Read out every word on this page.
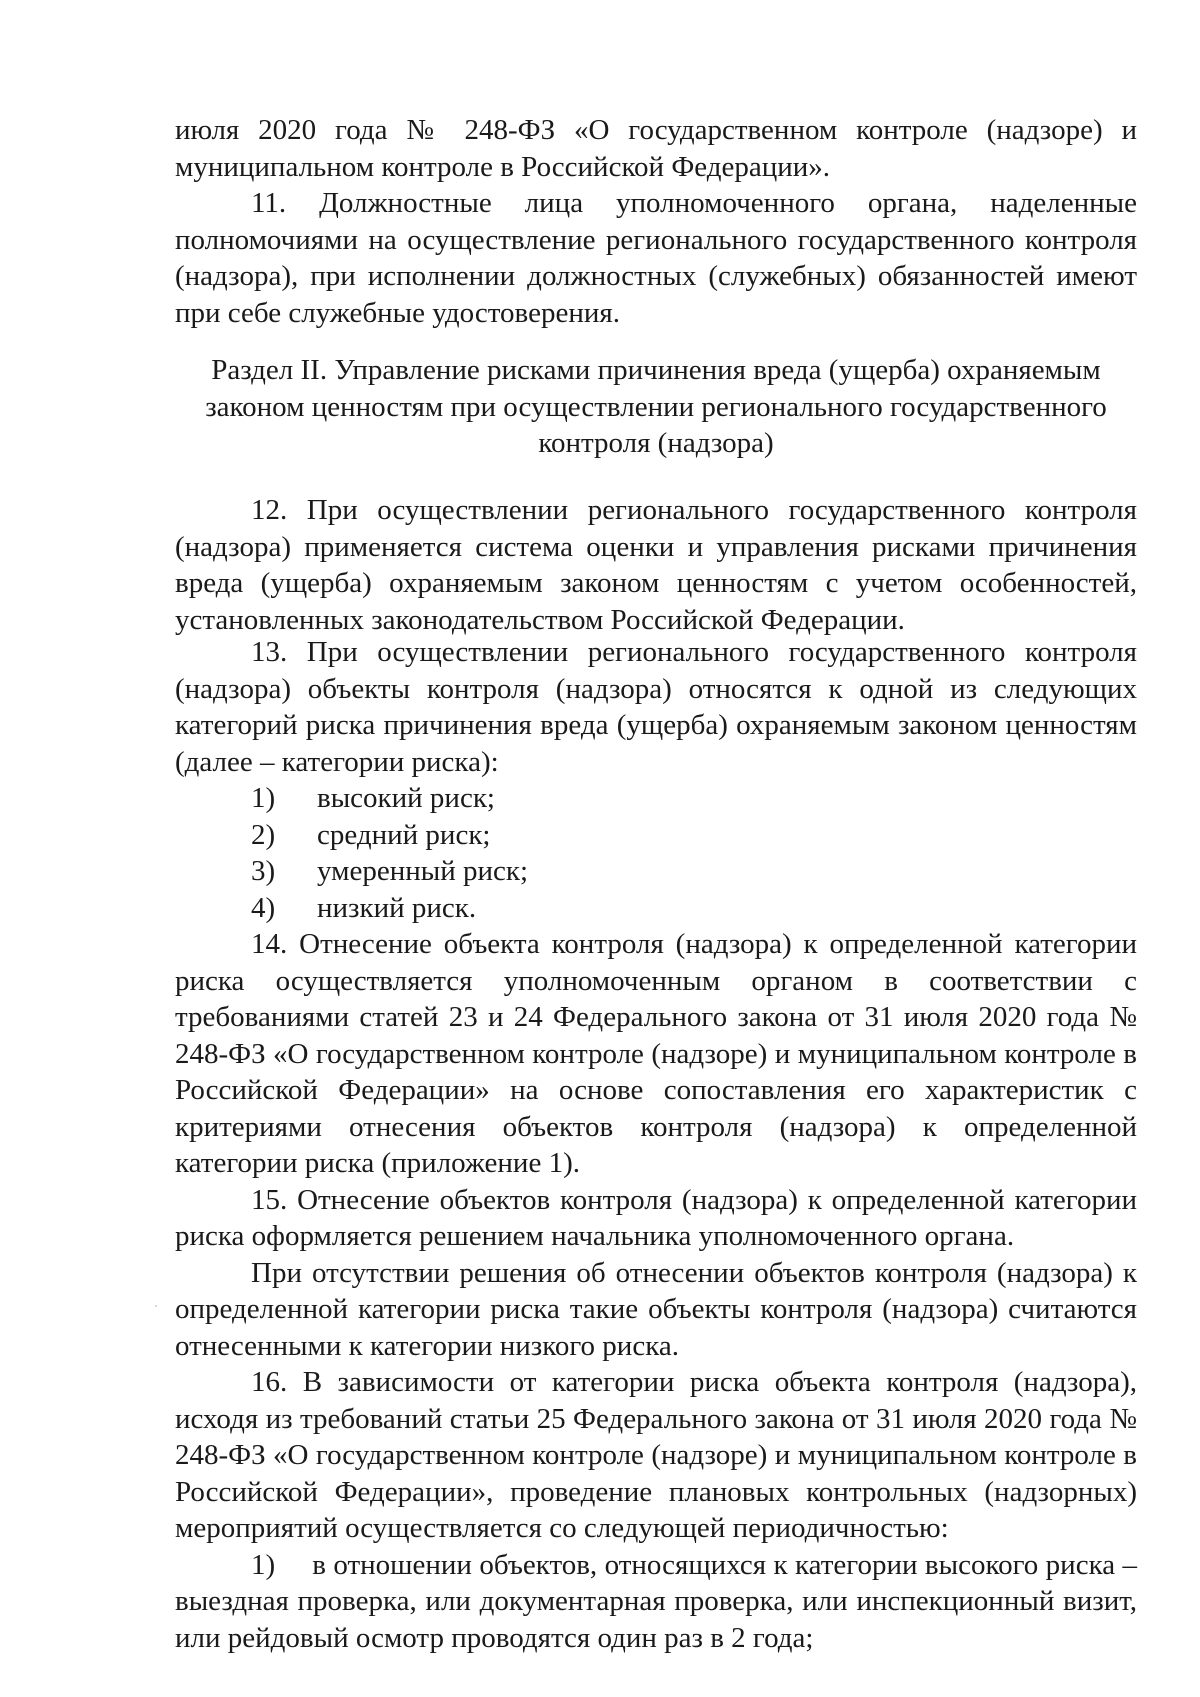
июля 2020 года № 248-ФЗ «О государственном контроле (надзоре) и муниципальном контроле в Российской Федерации».

11. Должностные лица уполномоченного органа, наделенные полномочиями на осуществление регионального государственного контроля (надзора), при исполнении должностных (служебных) обязанностей имеют при себе служебные удостоверения.

Раздел II. Управление рисками причинения вреда (ущерба) охраняемым
законом ценностям при осуществлении регионального государственного
контроля (надзора)

12. При осуществлении регионального государственного контроля (надзора) применяется система оценки и управления рисками причинения вреда (ущерба) охраняемым законом ценностям с учетом особенностей, установленных законодательством Российской Федерации.

13. При осуществлении регионального государственного контроля (надзора) объекты контроля (надзора) относятся к одной из следующих категорий риска причинения вреда (ущерба) охраняемым законом ценностям (далее – категории риска):

1) высокий риск;
2) средний риск;
3) умеренный риск;
4) низкий риск.

14. Отнесение объекта контроля (надзора) к определенной категории риска осуществляется уполномоченным органом в соответствии с требованиями статей 23 и 24 Федерального закона от 31 июля 2020 года № 248-ФЗ «О государственном контроле (надзоре) и муниципальном контроле в Российской Федерации» на основе сопоставления его характеристик с критериями отнесения объектов контроля (надзора) к определенной категории риска (приложение 1).

15. Отнесение объектов контроля (надзора) к определенной категории риска оформляется решением начальника уполномоченного органа.

При отсутствии решения об отнесении объектов контроля (надзора) к определенной категории риска такие объекты контроля (надзора) считаются отнесенными к категории низкого риска.

16. В зависимости от категории риска объекта контроля (надзора), исходя из требований статьи 25 Федерального закона от 31 июля 2020 года № 248-ФЗ «О государственном контроле (надзоре) и муниципальном контроле в Российской Федерации», проведение плановых контрольных (надзорных) мероприятий осуществляется со следующей периодичностью:

1) в отношении объектов, относящихся к категории высокого риска – выездная проверка, или документарная проверка, или инспекционный визит, или рейдовый осмотр проводятся один раз в 2 года;
